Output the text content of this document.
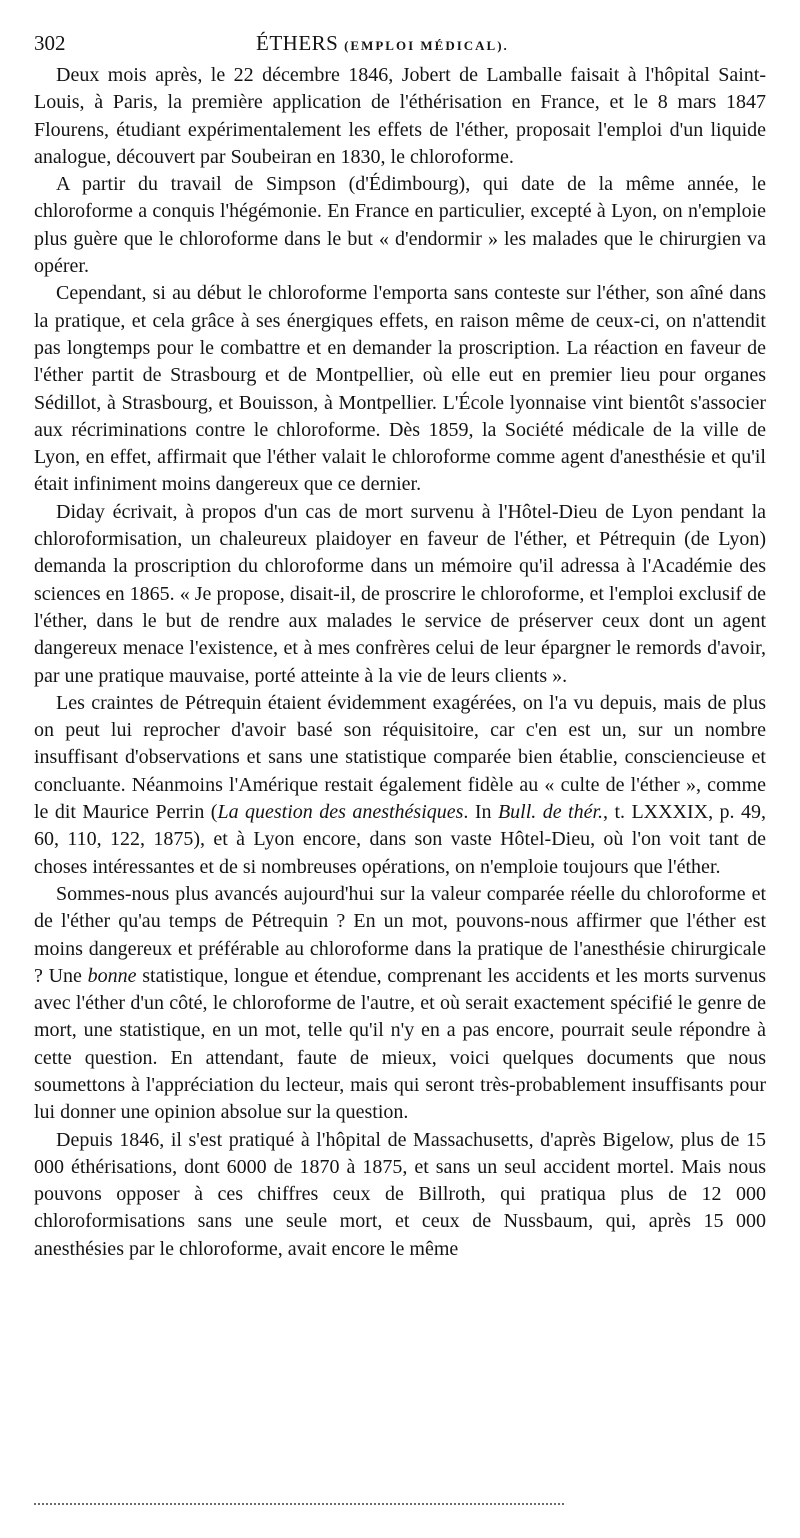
302	ÉTHERS (EMPLOI MÉDICAL).

Deux mois après, le 22 décembre 1846, Jobert de Lamballe faisait à l'hôpital Saint-Louis, à Paris, la première application de l'éthérisation en France, et le 8 mars 1847 Flourens, étudiant expérimentalement les effets de l'éther, proposait l'emploi d'un liquide analogue, découvert par Soubeiran en 1830, le chloroforme.

A partir du travail de Simpson (d'Édimbourg), qui date de la même année, le chloroforme a conquis l'hégémonie. En France en particulier, excepté à Lyon, on n'emploie plus guère que le chloroforme dans le but « d'endormir » les malades que le chirurgien va opérer.

Cependant, si au début le chloroforme l'emporta sans conteste sur l'éther, son aîné dans la pratique, et cela grâce à ses énergiques effets, en raison même de ceux-ci, on n'attendit pas longtemps pour le combattre et en demander la proscription. La réaction en faveur de l'éther partit de Strasbourg et de Montpellier, où elle eut en premier lieu pour organes Sédillot, à Strasbourg, et Bouisson, à Montpellier. L'École lyonnaise vint bientôt s'associer aux récriminations contre le chloroforme. Dès 1859, la Société médicale de la ville de Lyon, en effet, affirmait que l'éther valait le chloroforme comme agent d'anesthésie et qu'il était infiniment moins dangereux que ce dernier.

Diday écrivait, à propos d'un cas de mort survenu à l'Hôtel-Dieu de Lyon pendant la chloroformisation, un chaleureux plaidoyer en faveur de l'éther, et Pétrequin (de Lyon) demanda la proscription du chloroforme dans un mémoire qu'il adressa à l'Académie des sciences en 1865. « Je propose, disait-il, de proscrire le chloroforme, et l'emploi exclusif de l'éther, dans le but de rendre aux malades le service de préserver ceux dont un agent dangereux menace l'existence, et à mes confrères celui de leur épargner le remords d'avoir, par une pratique mauvaise, porté atteinte à la vie de leurs clients ».

Les craintes de Pétrequin étaient évidemment exagérées, on l'a vu depuis, mais de plus on peut lui reprocher d'avoir basé son réquisitoire, car c'en est un, sur un nombre insuffisant d'observations et sans une statistique comparée bien établie, consciencieuse et concluante. Néanmoins l'Amérique restait également fidèle au « culte de l'éther », comme le dit Maurice Perrin (La question des anesthésiques. In Bull. de thér., t. LXXXIX, p. 49, 60, 110, 122, 1875), et à Lyon encore, dans son vaste Hôtel-Dieu, où l'on voit tant de choses intéressantes et de si nombreuses opérations, on n'emploie toujours que l'éther.

Sommes-nous plus avancés aujourd'hui sur la valeur comparée réelle du chloroforme et de l'éther qu'au temps de Pétrequin ? En un mot, pouvons-nous affirmer que l'éther est moins dangereux et préférable au chloroforme dans la pratique de l'anesthésie chirurgicale ? Une bonne statistique, longue et étendue, comprenant les accidents et les morts survenus avec l'éther d'un côté, le chloroforme de l'autre, et où serait exactement spécifié le genre de mort, une statistique, en un mot, telle qu'il n'y en a pas encore, pourrait seule répondre à cette question. En attendant, faute de mieux, voici quelques documents que nous soumettons à l'appréciation du lecteur, mais qui seront très-probablement insuffisants pour lui donner une opinion absolue sur la question.

Depuis 1846, il s'est pratiqué à l'hôpital de Massachusetts, d'après Bigelow, plus de 15 000 éthérisations, dont 6000 de 1870 à 1875, et sans un seul accident mortel. Mais nous pouvons opposer à ces chiffres ceux de Billroth, qui pratiqua plus de 12 000 chloroformisations sans une seule mort, et ceux de Nussbaum, qui, après 15 000 anesthésies par le chloroforme, avait encore le même
